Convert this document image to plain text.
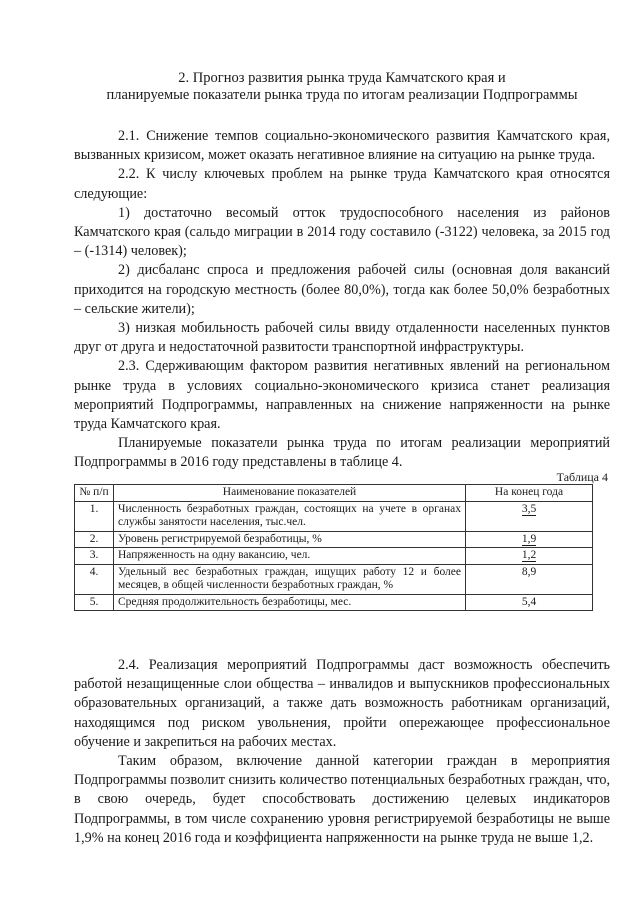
2. Прогноз развития рынка труда Камчатского края и
планируемые показатели рынка труда по итогам реализации Подпрограммы

2.1. Снижение темпов социально-экономического развития Камчатского края, вызванных кризисом, может оказать негативное влияние на ситуацию на рынке труда.

2.2. К числу ключевых проблем на рынке труда Камчатского края относятся следующие:

1) достаточно весомый отток трудоспособного населения из районов Камчатского края (сальдо миграции в 2014 году составило (-3122) человека, за 2015 год – (-1314) человек);

2) дисбаланс спроса и предложения рабочей силы (основная доля вакансий приходится на городскую местность (более 80,0%), тогда как более 50,0% безработных – сельские жители);

3) низкая мобильность рабочей силы ввиду отдаленности населенных пунктов друг от друга и недостаточной развитости транспортной инфраструктуры.

2.3. Сдерживающим фактором развития негативных явлений на региональном рынке труда в условиях социально-экономического кризиса станет реализация мероприятий Подпрограммы, направленных на снижение напряженности на рынке труда Камчатского края.

Планируемые показатели рынка труда по итогам реализации мероприятий Подпрограммы в 2016 году представлены в таблице 4.

Таблица 4
№ п/п	Наименование показателей	На конец года
1.	Численность безработных граждан, состоящих на учете в органах службы занятости населения, тыс.чел.	3,5
2.	Уровень регистрируемой безработицы, %	1,9
3.	Напряженность на одну вакансию, чел.	1,2
4.	Удельный вес безработных граждан, ищущих работу 12 и более месяцев, в общей численности безработных граждан, %	8,9
5.	Средняя продолжительность безработицы, мес.	5,4

2.4. Реализация мероприятий Подпрограммы даст возможность обеспечить работой незащищенные слои общества – инвалидов и выпускников профессиональных образовательных организаций, а также дать возможность работникам организаций, находящимся под риском увольнения, пройти опережающее профессиональное обучение и закрепиться на рабочих местах.

Таким образом, включение данной категории граждан в мероприятия Подпрограммы позволит снизить количество потенциальных безработных граждан, что, в свою очередь, будет способствовать достижению целевых индикаторов Подпрограммы, в том числе сохранению уровня регистрируемой безработицы не выше 1,9% на конец 2016 года и коэффициента напряженности на рынке труда не выше 1,2.
